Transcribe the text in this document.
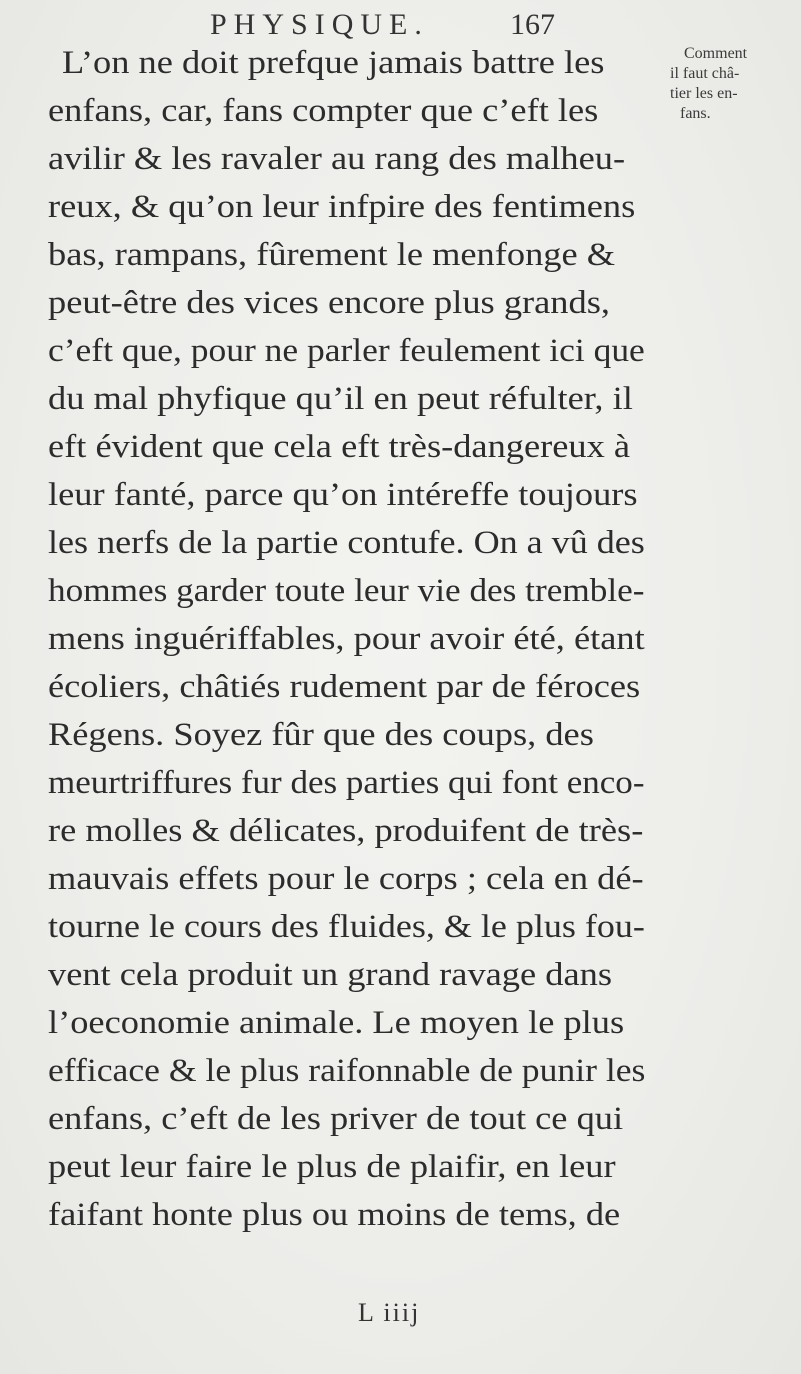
PHYSIQUE.	167
Comment
il faut châ-
tier les en-
fans.
L’on ne doit prefque jamais battre les
enfans, car, fans compter que c’eft les
avilir & les ravaler au rang des malheu-
reux, & qu’on leur infpire des fentimens
bas, rampans, fûrement le menfonge &
peut-être des vices encore plus grands,
c’eft que, pour ne parler feulement ici que
du mal phyfique qu’il en peut réfulter, il
eft évident que cela eft très-dangereux à
leur fanté, parce qu’on intéreffe toujours
les nerfs de la partie contufe. On a vû des
hommes garder toute leur vie des tremble-
mens inguériffables, pour avoir été, étant
écoliers, châtiés rudement par de féroces
Régens. Soyez fûr que des coups, des
meurtriffures fur des parties qui font enco-
re molles & délicates, produifent de très-
mauvais effets pour le corps ; cela en dé-
tourne le cours des fluides, & le plus fou-
vent cela produit un grand ravage dans
l’oeconomie animale. Le moyen le plus
efficace & le plus raifonnable de punir les
enfans, c’eft de les priver de tout ce qui
peut leur faire le plus de plaifir, en leur
faifant honte plus ou moins de tems, de
L iiij
